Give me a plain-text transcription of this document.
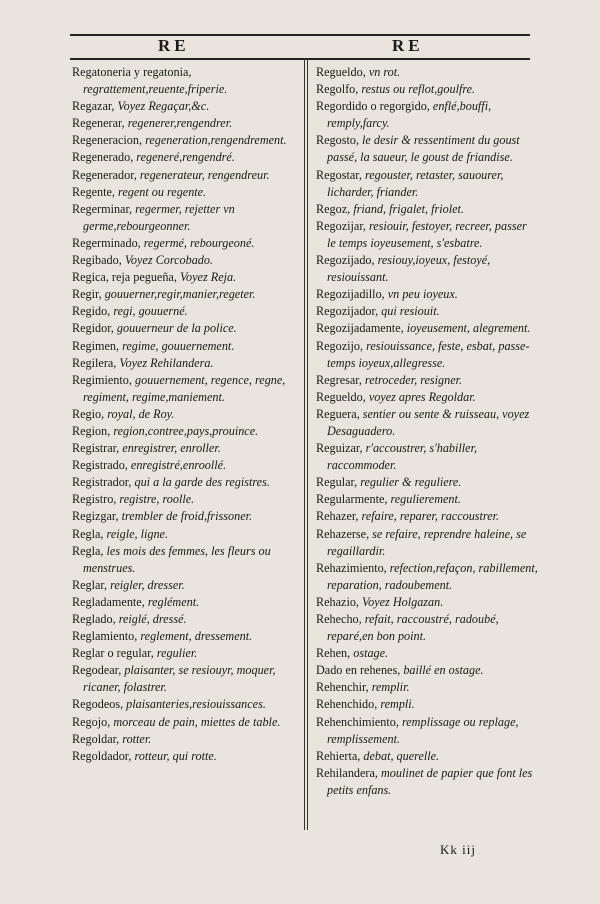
RE	RE

Regatoneria y regatonia, regrattement,reuente,friperie.

Regazar, Voyez Regaçar,&c.

Regenerar, regenerer,rengendrer.

Regeneracion, regeneration,rengendrement.

Regenerado, regeneré,rengendré.

Regenerador, regenerateur, rengendreur.

Regente, regent ou regente.

Regerminar, regermer, rejetter vn germe,rebourgeonner.

Regerminado, regermé, rebourgeoné.

Regibado, Voyez Corcobado.

Regica, reja pegueña, Voyez Reja.

Regir, gouuerner,regir,manier,regeter.

Regido, regi, gouuerné.

Regidor, gouuerneur de la police.

Regimen, regime, gouuernement.

Regilera, Voyez Rehilandera.

Regimiento, gouuernement, regence, regne, regiment, regime,maniement.

Regio, royal, de Roy.

Region, region,contree,pays,prouince.

Registrar, enregistrer, enroller.

Registrado, enregistré,enroollé.

Registrador, qui a la garde des registres.

Registro, registre, roolle.

Regizgar, trembler de froid,frissoner.

Regla, reigle, ligne.

Regla, les mois des femmes, les fleurs ou menstrues.

Reglar, reigler, dresser.

Regladamente, reglément.

Reglado, reiglé, dressé.

Reglamiento, reglement, dressement.

Reglar o regular, regulier.

Regodear, plaisanter, se resiouyr, moquer, ricaner, folastrer.

Regodeos, plaisanteries,resiouissances.

Regojo, morceau de pain, miettes de table.

Regoldar, rotter.

Regoldador, rotteur, qui rotte.

Regueldo, vn rot.

Regolfo, restus ou reflot,goulfre.

Regordido o regorgido, enflé,bouffi, remply,farcy.

Regosto, le desir & ressentiment du goust passé, la saueur, le goust de friandise.

Regostar, regouster, retaster, sauourer, licharder, friander.

Regoz, friand, frigalet, friolet.

Regozijar, resiouir, festoyer, recreer, passer le temps ioyeusement, s'esbatre.

Regozijado, resiouy,ioyeux, festoyé, resiouissant.

Regozijadillo, vn peu ioyeux.

Regozijador, qui resiouit.

Regozijadamente, ioyeusement, alegrement.

Regozijo, resiouissance, feste, esbat, passe-temps ioyeux,allegresse.

Regresar, retroceder, resigner.

Regueldo, voyez apres Regoldar.

Reguera, sentier ou sente & ruisseau, voyez Desaguadero.

Reguizar, r'accoustrer, s'habiller, raccommoder.

Regular, regulier & reguliere.

Regularmente, regulierement.

Rehazer, refaire, reparer, raccoustrer.

Rehazerse, se refaire, reprendre haleine, se regaillardir.

Rehazimiento, refection,refaçon, rabillement, reparation, radoubement.

Rehazio, Voyez Holgazan.

Rehecho, refait, raccoustré, radoubé, reparé,en bon point.

Rehen, ostage.

Dado en rehenes, baillé en ostage.

Rehenchir, remplir.

Rehenchido, rempli.

Rehenchimiento, remplissage ou replage, remplissement.

Rehierta, debat, querelle.

Rehilandera, moulinet de papier que font les petits enfans.

Kk iij
